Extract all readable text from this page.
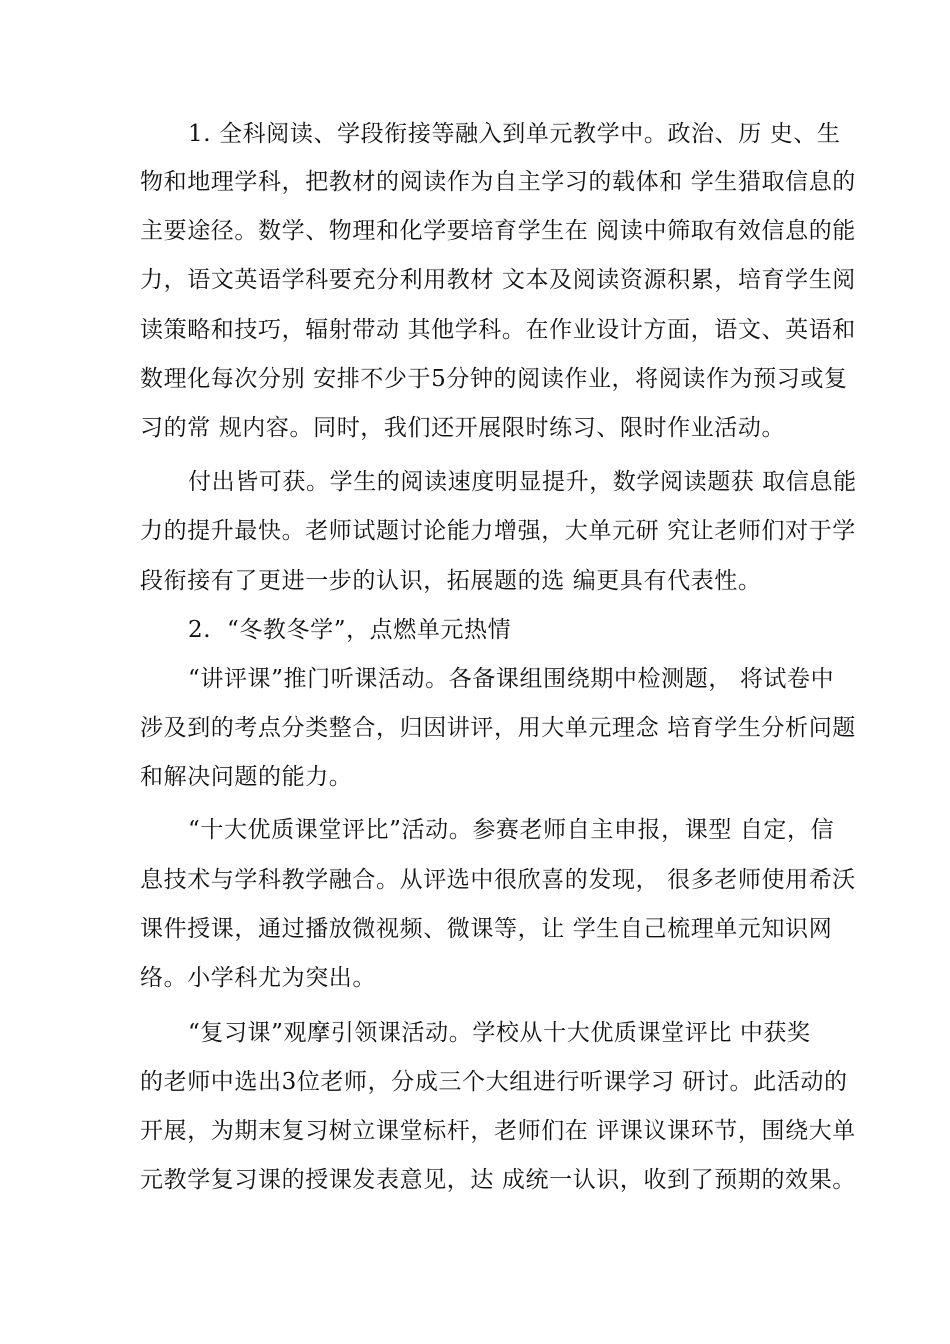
1. 全科阅读、学段衔接等融入到单元教学中。政治、历 史、生
物和地理学科，把教材的阅读作为自主学习的载体和 学生猎取信息的
主要途径。数学、物理和化学要培育学生在 阅读中筛取有效信息的能
力，语文英语学科要充分利用教材 文本及阅读资源积累，培育学生阅
读策略和技巧，辐射带动 其他学科。在作业设计方面，语文、英语和
数理化每次分别 安排不少于5分钟的阅读作业，将阅读作为预习或复
习的常 规内容。同时，我们还开展限时练习、限时作业活动。
付出皆可获。学生的阅读速度明显提升，数学阅读题获 取信息能
力的提升最快。老师试题讨论能力增强，大单元研 究让老师们对于学
段衔接有了更进一步的认识，拓展题的选 编更具有代表性。
2.  “冬教冬学”，点燃单元热情
“讲评课”推门听课活动。各备课组围绕期中检测题， 将试卷中
涉及到的考点分类整合，归因讲评，用大单元理念 培育学生分析问题
和解决问题的能力。
“十大优质课堂评比”活动。参赛老师自主申报，课型 自定，信
息技术与学科教学融合。从评选中很欣喜的发现， 很多老师使用希沃
课件授课，通过播放微视频、微课等，让 学生自己梳理单元知识网
络。小学科尤为突出。
“复习课”观摩引领课活动。学校从十大优质课堂评比 中获奖
的老师中选出3位老师，分成三个大组进行听课学习 研讨。此活动的
开展，为期末复习树立课堂标杆，老师们在 评课议课环节，围绕大单
元教学复习课的授课发表意见，达 成统一认识，收到了预期的效果。
